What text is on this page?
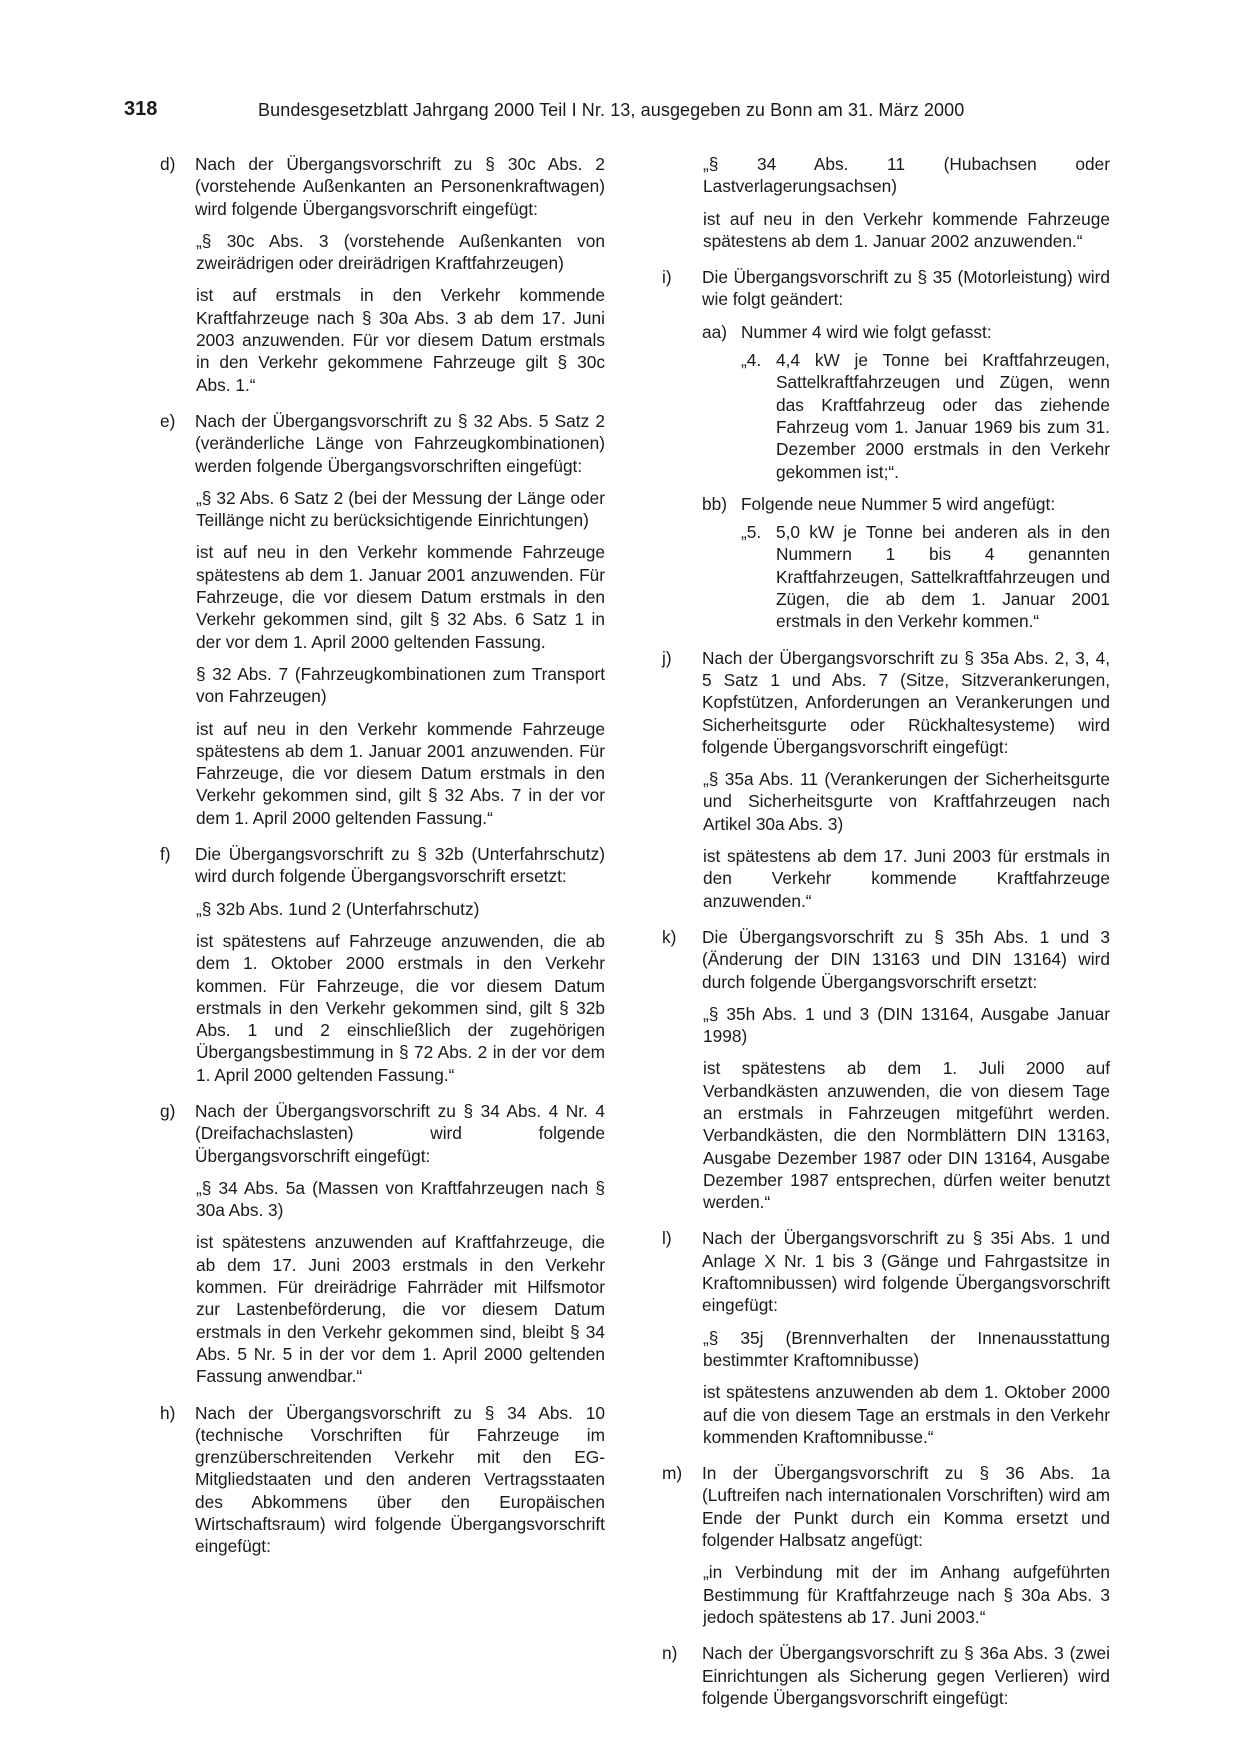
318	Bundesgesetzblatt Jahrgang 2000 Teil I Nr. 13, ausgegeben zu Bonn am 31. März 2000
d) Nach der Übergangsvorschrift zu § 30c Abs. 2 (vorstehende Außenkanten an Personenkraftwagen) wird folgende Übergangsvorschrift eingefügt:

„§ 30c Abs. 3 (vorstehende Außenkanten von zweirädrigen oder dreirädrigen Kraftfahrzeugen)

ist auf erstmals in den Verkehr kommende Kraftfahrzeuge nach § 30a Abs. 3 ab dem 17. Juni 2003 anzuwenden. Für vor diesem Datum erstmals in den Verkehr gekommene Fahrzeuge gilt § 30c Abs. 1.“

e) Nach der Übergangsvorschrift zu § 32 Abs. 5 Satz 2 (veränderliche Länge von Fahrzeugkombinationen) werden folgende Übergangsvorschriften eingefügt:

„§ 32 Abs. 6 Satz 2 (bei der Messung der Länge oder Teillänge nicht zu berücksichtigende Einrichtungen)

ist auf neu in den Verkehr kommende Fahrzeuge spätestens ab dem 1. Januar 2001 anzuwenden. Für Fahrzeuge, die vor diesem Datum erstmals in den Verkehr gekommen sind, gilt § 32 Abs. 6 Satz 1 in der vor dem 1. April 2000 geltenden Fassung.

§ 32 Abs. 7 (Fahrzeugkombinationen zum Transport von Fahrzeugen)

ist auf neu in den Verkehr kommende Fahrzeuge spätestens ab dem 1. Januar 2001 anzuwenden. Für Fahrzeuge, die vor diesem Datum erstmals in den Verkehr gekommen sind, gilt § 32 Abs. 7 in der vor dem 1. April 2000 geltenden Fassung.“

f) Die Übergangsvorschrift zu § 32b (Unterfahrschutz) wird durch folgende Übergangsvorschrift ersetzt:

„§ 32b Abs. 1und 2 (Unterfahrschutz)

ist spätestens auf Fahrzeuge anzuwenden, die ab dem 1. Oktober 2000 erstmals in den Verkehr kommen. Für Fahrzeuge, die vor diesem Datum erstmals in den Verkehr gekommen sind, gilt § 32b Abs. 1 und 2 einschließlich der zugehörigen Übergangsbestimmung in § 72 Abs. 2 in der vor dem 1. April 2000 geltenden Fassung.“

g) Nach der Übergangsvorschrift zu § 34 Abs. 4 Nr. 4 (Dreifachachslasten) wird folgende Übergangsvorschrift eingefügt:

„§ 34 Abs. 5a (Massen von Kraftfahrzeugen nach § 30a Abs. 3)

ist spätestens anzuwenden auf Kraftfahrzeuge, die ab dem 17. Juni 2003 erstmals in den Verkehr kommen. Für dreirädrige Fahrräder mit Hilfsmotor zur Lastenbeförderung, die vor diesem Datum erstmals in den Verkehr gekommen sind, bleibt § 34 Abs. 5 Nr. 5 in der vor dem 1. April 2000 geltenden Fassung anwendbar.“

h) Nach der Übergangsvorschrift zu § 34 Abs. 10 (technische Vorschriften für Fahrzeuge im grenzüberschreitenden Verkehr mit den EG-Mitgliedstaaten und den anderen Vertragsstaaten des Abkommens über den Europäischen Wirtschaftsraum) wird folgende Übergangsvorschrift eingefügt:

„§ 34 Abs. 11 (Hubachsen oder Lastverlagerungsachsen)

ist auf neu in den Verkehr kommende Fahrzeuge spätestens ab dem 1. Januar 2002 anzuwenden.“

i) Die Übergangsvorschrift zu § 35 (Motorleistung) wird wie folgt geändert:

aa) Nummer 4 wird wie folgt gefasst:
„4. 4,4 kW je Tonne bei Kraftfahrzeugen, Sattelkraftfahrzeugen und Zügen, wenn das Kraftfahrzeug oder das ziehende Fahrzeug vom 1. Januar 1969 bis zum 31. Dezember 2000 erstmals in den Verkehr gekommen ist;“.
bb) Folgende neue Nummer 5 wird angefügt:
„5. 5,0 kW je Tonne bei anderen als in den Nummern 1 bis 4 genannten Kraftfahrzeugen, Sattelkraftfahrzeugen und Zügen, die ab dem 1. Januar 2001 erstmals in den Verkehr kommen.“
j) Nach der Übergangsvorschrift zu § 35a Abs. 2, 3, 4, 5 Satz 1 und Abs. 7 (Sitze, Sitzverankerungen, Kopfstützen, Anforderungen an Verankerungen und Sicherheitsgurte oder Rückhaltesysteme) wird folgende Übergangsvorschrift eingefügt:

„§ 35a Abs. 11 (Verankerungen der Sicherheitsgurte und Sicherheitsgurte von Kraftfahrzeugen nach Artikel 30a Abs. 3)

ist spätestens ab dem 17. Juni 2003 für erstmals in den Verkehr kommende Kraftfahrzeuge anzuwenden.“

k) Die Übergangsvorschrift zu § 35h Abs. 1 und 3 (Änderung der DIN 13163 und DIN 13164) wird durch folgende Übergangsvorschrift ersetzt:

„§ 35h Abs. 1 und 3 (DIN 13164, Ausgabe Januar 1998)

ist spätestens ab dem 1. Juli 2000 auf Verbandkästen anzuwenden, die von diesem Tage an erstmals in Fahrzeugen mitgeführt werden. Verbandkästen, die den Normblättern DIN 13163, Ausgabe Dezember 1987 oder DIN 13164, Ausgabe Dezember 1987 entsprechen, dürfen weiter benutzt werden.“

l) Nach der Übergangsvorschrift zu § 35i Abs. 1 und Anlage X Nr. 1 bis 3 (Gänge und Fahrgastsitze in Kraftomnibussen) wird folgende Übergangsvorschrift eingefügt:

„§ 35j (Brennverhalten der Innenausstattung bestimmter Kraftomnibusse)

ist spätestens anzuwenden ab dem 1. Oktober 2000 auf die von diesem Tage an erstmals in den Verkehr kommenden Kraftomnibusse.“

m) In der Übergangsvorschrift zu § 36 Abs. 1a (Luftreifen nach internationalen Vorschriften) wird am Ende der Punkt durch ein Komma ersetzt und folgender Halbsatz angefügt:

„in Verbindung mit der im Anhang aufgeführten Bestimmung für Kraftfahrzeuge nach § 30a Abs. 3 jedoch spätestens ab 17. Juni 2003.“

n) Nach der Übergangsvorschrift zu § 36a Abs. 3 (zwei Einrichtungen als Sicherung gegen Verlieren) wird folgende Übergangsvorschrift eingefügt:
